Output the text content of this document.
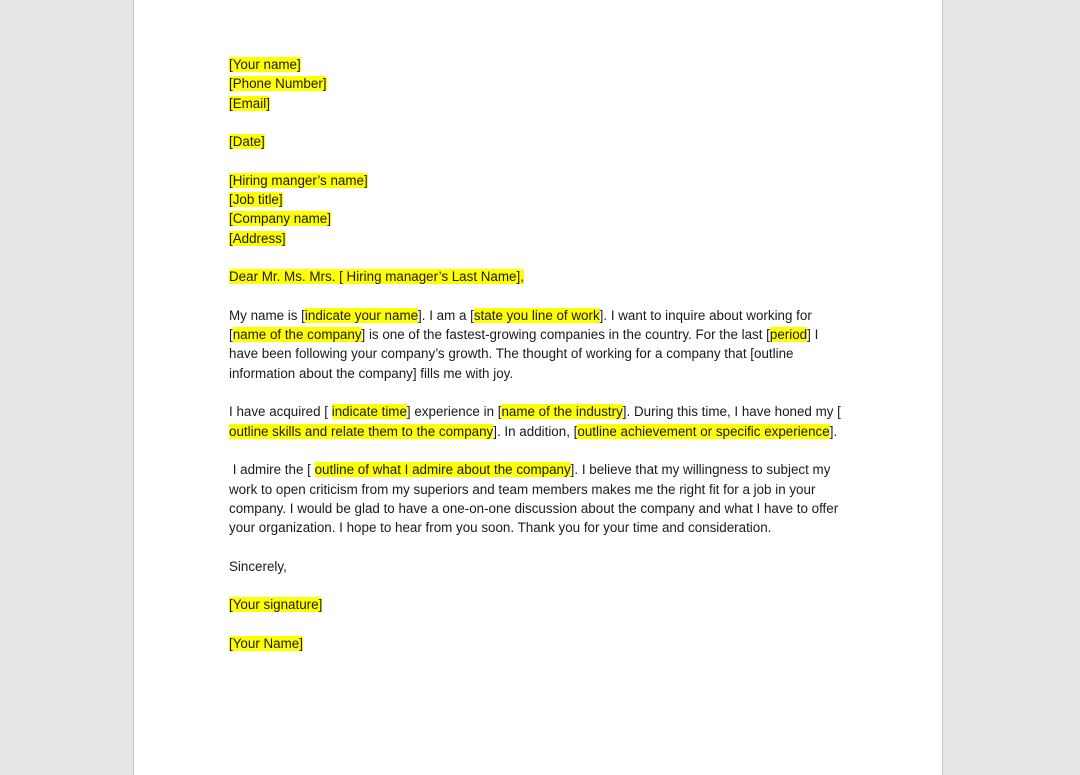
[Your name]
[Phone Number]
[Email]
[Date]
[Hiring manger’s name]
[Job title]
[Company name]
[Address]
Dear Mr. Ms. Mrs. [ Hiring manager’s Last Name],
My name is [indicate your name]. I am a [state you line of work]. I want to inquire about working for
[name of the company] is one of the fastest-growing companies in the country. For the last [period] I
have been following your company’s growth. The thought of working for a company that [outline
information about the company] fills me with joy.
I have acquired [ indicate time] experience in [name of the industry]. During this time, I have honed my [
outline skills and relate them to the company]. In addition, [outline achievement or specific experience].
I admire the [ outline of what I admire about the company]. I believe that my willingness to subject my
work to open criticism from my superiors and team members makes me the right fit for a job in your
company. I would be glad to have a one-on-one discussion about the company and what I have to offer
your organization. I hope to hear from you soon. Thank you for your time and consideration.
Sincerely,
[Your signature]
[Your Name]
